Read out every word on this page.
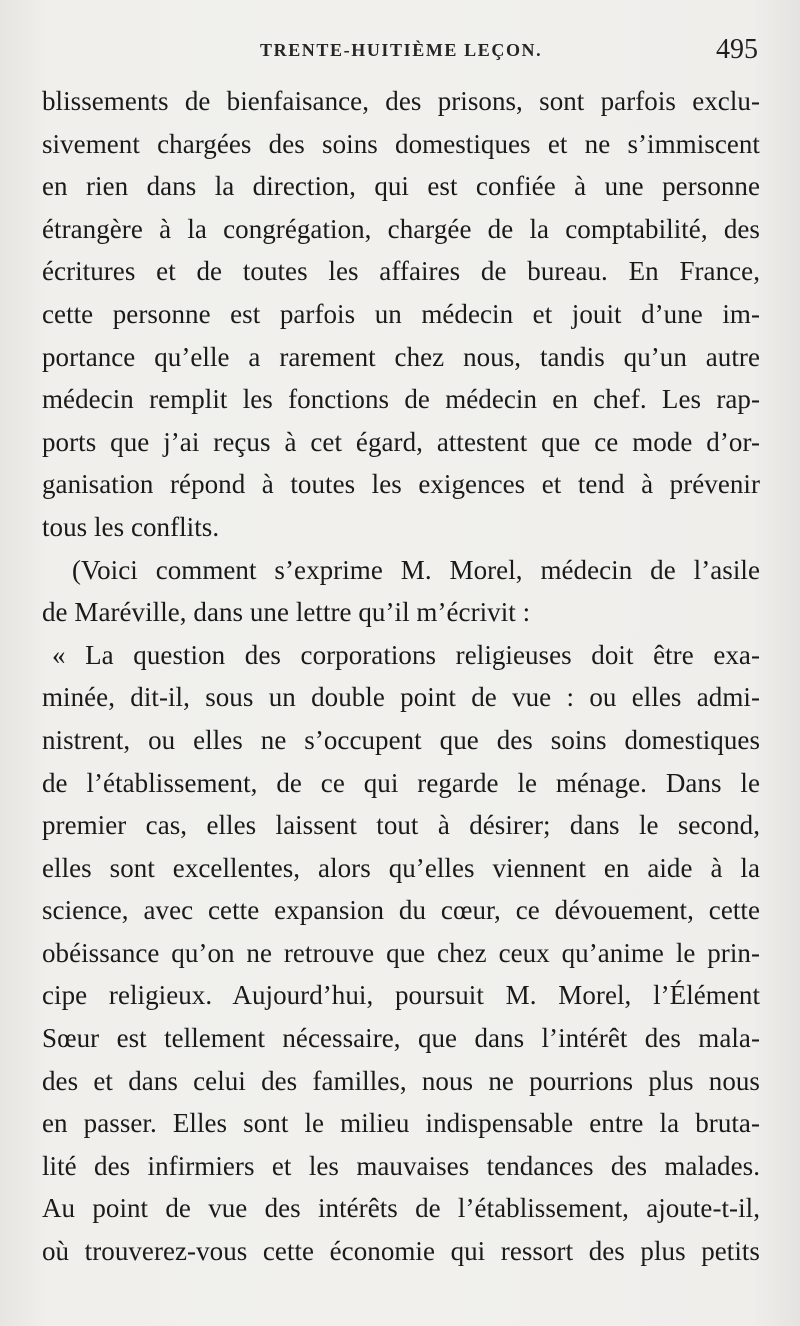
TRENTE-HUITIÈME LEÇON.	495
blissements de bienfaisance, des prisons, sont parfois exclu-
sivement chargées des soins domestiques et ne s’immiscent
en rien dans la direction, qui est confiée à une personne
étrangère à la congrégation, chargée de la comptabilité, des
écritures et de toutes les affaires de bureau. En France,
cette personne est parfois un médecin et jouit d’une im-
portance qu’elle a rarement chez nous, tandis qu’un autre
médecin remplit les fonctions de médecin en chef. Les rap-
ports que j’ai reçus à cet égard, attestent que ce mode d’or-
ganisation répond à toutes les exigences et tend à prévenir
tous les conflits.
(Voici comment s’exprime M. Morel, médecin de l’asile
de Maréville, dans une lettre qu’il m’écrivit :
« La question des corporations religieuses doit être exa-
minée, dit-il, sous un double point de vue : ou elles admi-
nistrent, ou elles ne s’occupent que des soins domestiques
de l’établissement, de ce qui regarde le ménage. Dans le
premier cas, elles laissent tout à désirer; dans le second,
elles sont excellentes, alors qu’elles viennent en aide à la
science, avec cette expansion du cœur, ce dévouement, cette
obéissance qu’on ne retrouve que chez ceux qu’anime le prin-
cipe religieux. Aujourd’hui, poursuit M. Morel, l’Élément
Sœur est tellement nécessaire, que dans l’intérêt des mala-
des et dans celui des familles, nous ne pourrions plus nous
en passer. Elles sont le milieu indispensable entre la bruta-
lité des infirmiers et les mauvaises tendances des malades.
Au point de vue des intérêts de l’établissement, ajoute-t-il,
où trouverez-vous cette économie qui ressort des plus petits
